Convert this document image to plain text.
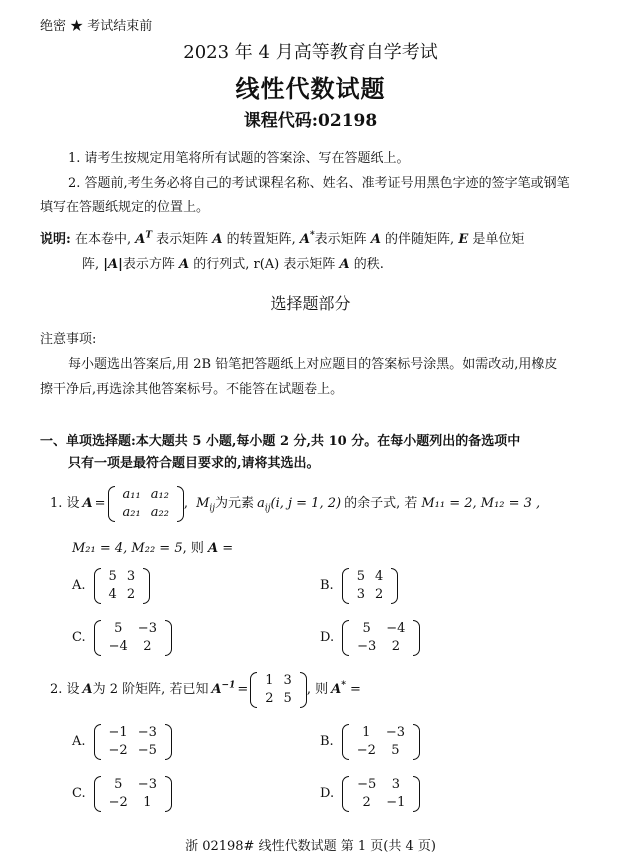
绝密 ★ 考试结束前
2023 年 4 月高等教育自学考试
线性代数试题
课程代码:02198
1. 请考生按规定用笔将所有试题的答案涂、写在答题纸上。
2. 答题前,考生务必将自己的考试课程名称、姓名、准考证号用黑色字迹的签字笔或钢笔
填写在答题纸规定的位置上。
说明: 在本卷中, $A^T$ 表示矩阵 A 的转置矩阵, A*表示矩阵 A 的伴随矩阵, E 是单位矩
阵, |A|表示方阵 A 的行列式, r(A) 表示矩阵 A 的秩.
选择题部分
注意事项:
每小题选出答案后,用 2B 铅笔把答题纸上对应题目的答案标号涂黑。如需改动,用橡皮
擦干净后,再选涂其他答案标号。不能答在试题卷上。
一、单项选择题:本大题共 5 小题,每小题 2 分,共 10 分。在每小题列出的备选项中
只有一项是最符合题目要求的,请将其选出。
1. 设 A =
a₁₁	a₁₂
a₂₁	a₂₂
, $M_{ij}$ 为元素 $a_{ij}(i$, j = 1, 2) 的余子式, 若 M₁₁ = 2, M₁₂ = 3 ,
M₂₁ = 4, M₂₂ = 5, 则 A =
A.
5	3
4	2
B.
5	4
3	2
C.
5	−3
−4	2
D.
5	−4
−3	2
2. 设 A 为 2 阶矩阵, 若已知 $A^{-1}$ =
1	3
2	5
, 则 A* =
A.
−1	−3
−2	−5
B.
1	−3
−2	5
C.
5	−3
−2	1
D.
−5	3
2	−1
浙 02198# 线性代数试题 第 1 页(共 4 页)
